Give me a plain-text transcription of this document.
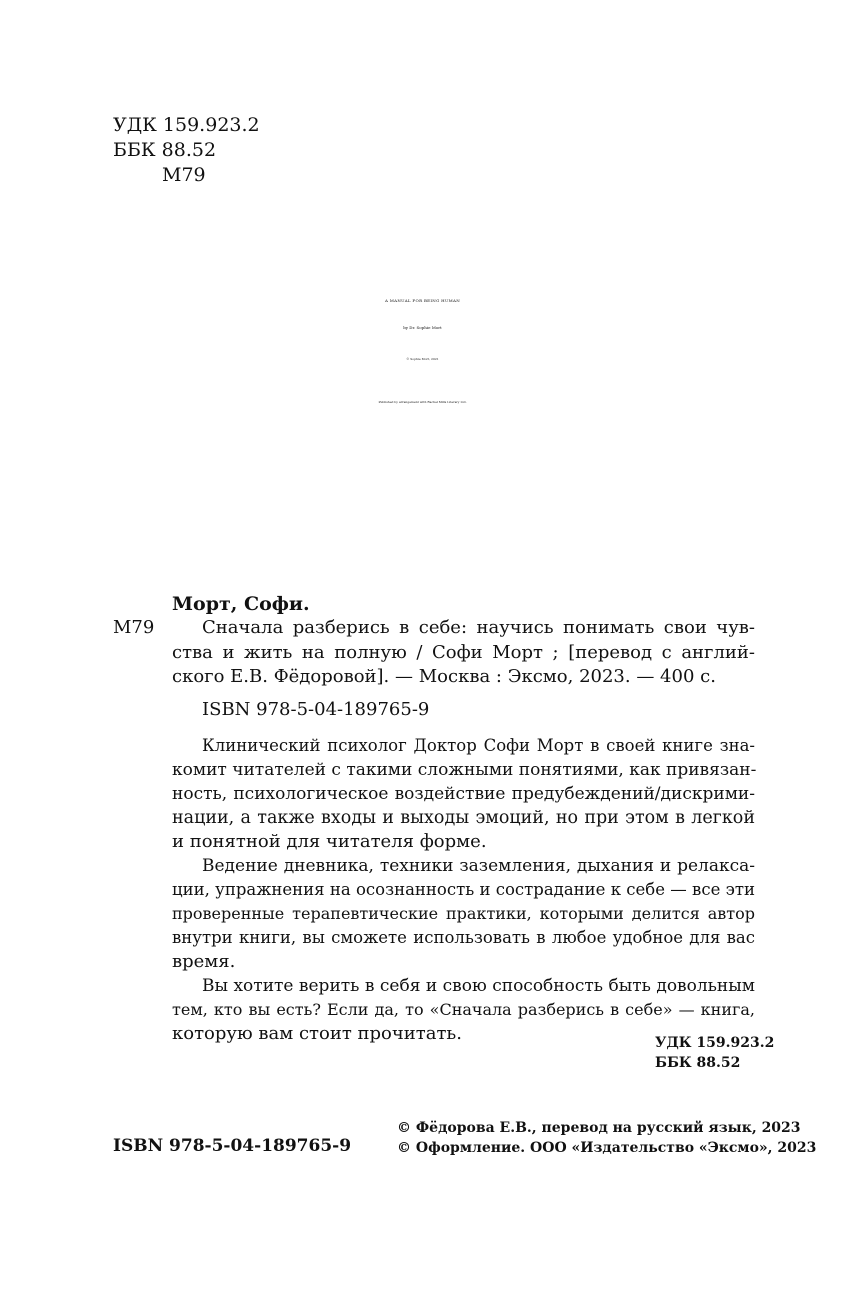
УДК 159.923.2
ББК 88.52
М79
A MANUAL FOR BEING HUMAN
by Dr. Sophie Mort
© Sophie Mort, 2021
Published by arrangement with Rachel Mills Literary Ltd.
Морт, Софи.
М79	Сначала разберись в себе: научись понимать свои чув-
ства и жить на полную / Софи Морт ; [перевод с англий-
ского Е.В. Фёдоровой]. — Москва : Эксмо, 2023. — 400 с.
ISBN 978-5-04-189765-9
Клинический психолог Доктор Софи Морт в своей книге зна-
комит читателей с такими сложными понятиями, как привязан-
ность, психологическое воздействие предубеждений/дискрими-
нации, а также входы и выходы эмоций, но при этом в легкой
и понятной для читателя форме.
Ведение дневника, техники заземления, дыхания и релакса-
ции, упражнения на осознанность и сострадание к себе — все эти
проверенные терапевтические практики, которыми делится автор
внутри книги, вы сможете использовать в любое удобное для вас
время.
Вы хотите верить в себя и свою способность быть довольным
тем, кто вы есть? Если да, то «Сначала разберись в себе» — книга,
которую вам стоит прочитать.	УДК 159.923.2
ББК 88.52
ISBN 978-5-04-189765-9
© Фёдорова Е.В., перевод на русский язык, 2023
© Оформление. ООО «Издательство «Эксмо», 2023
